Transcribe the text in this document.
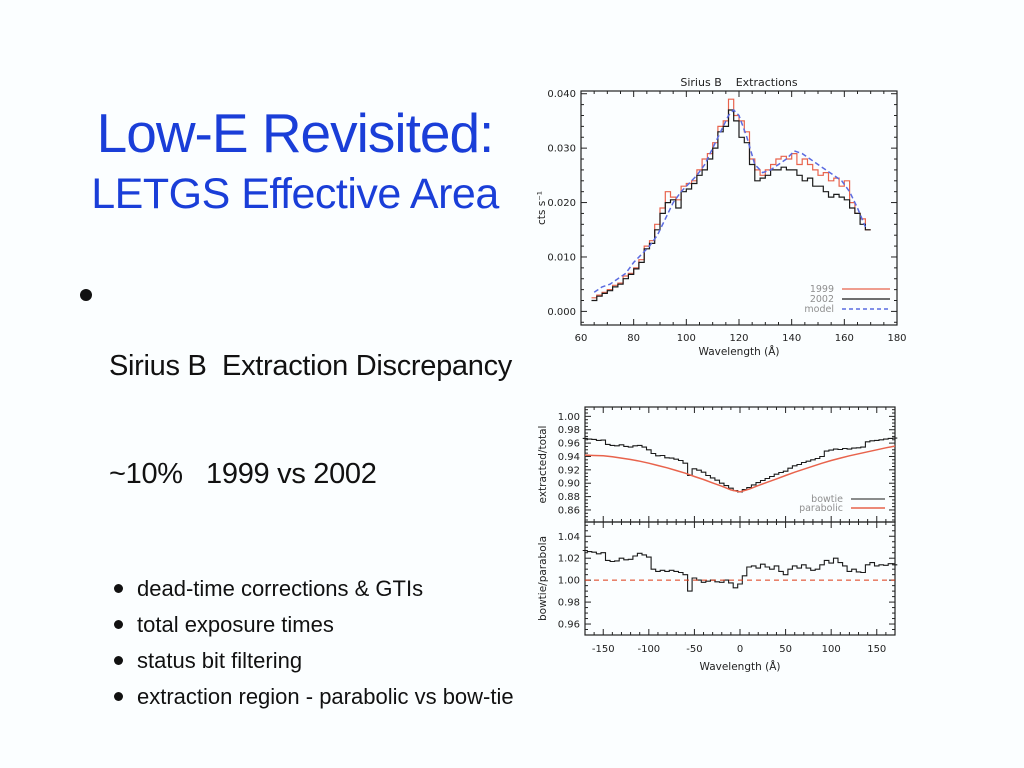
Low-E Revisited:
LETGS Effective Area

Sirius B  Extraction Discrepancy

~10%   1999 vs 2002

dead-time corrections & GTIs
total exposure times
status bit filtering
extraction region - parabolic vs bow-tie
60	80	100	120	140	160	180
0.000
0.010
0.020
0.030
0.040
Sirius B    Extractions
Wavelength (Å)
cts s⁻¹
1999
2002
model
0.86
0.88
0.90
0.92
0.94
0.96
0.98
1.00
extracted/total	bowtie
parabolic
-150 -100	-50	0	50	100	150
0.96
0.98
1.00
1.02
1.04
Wavelength (Å)
bowtie/parabola
